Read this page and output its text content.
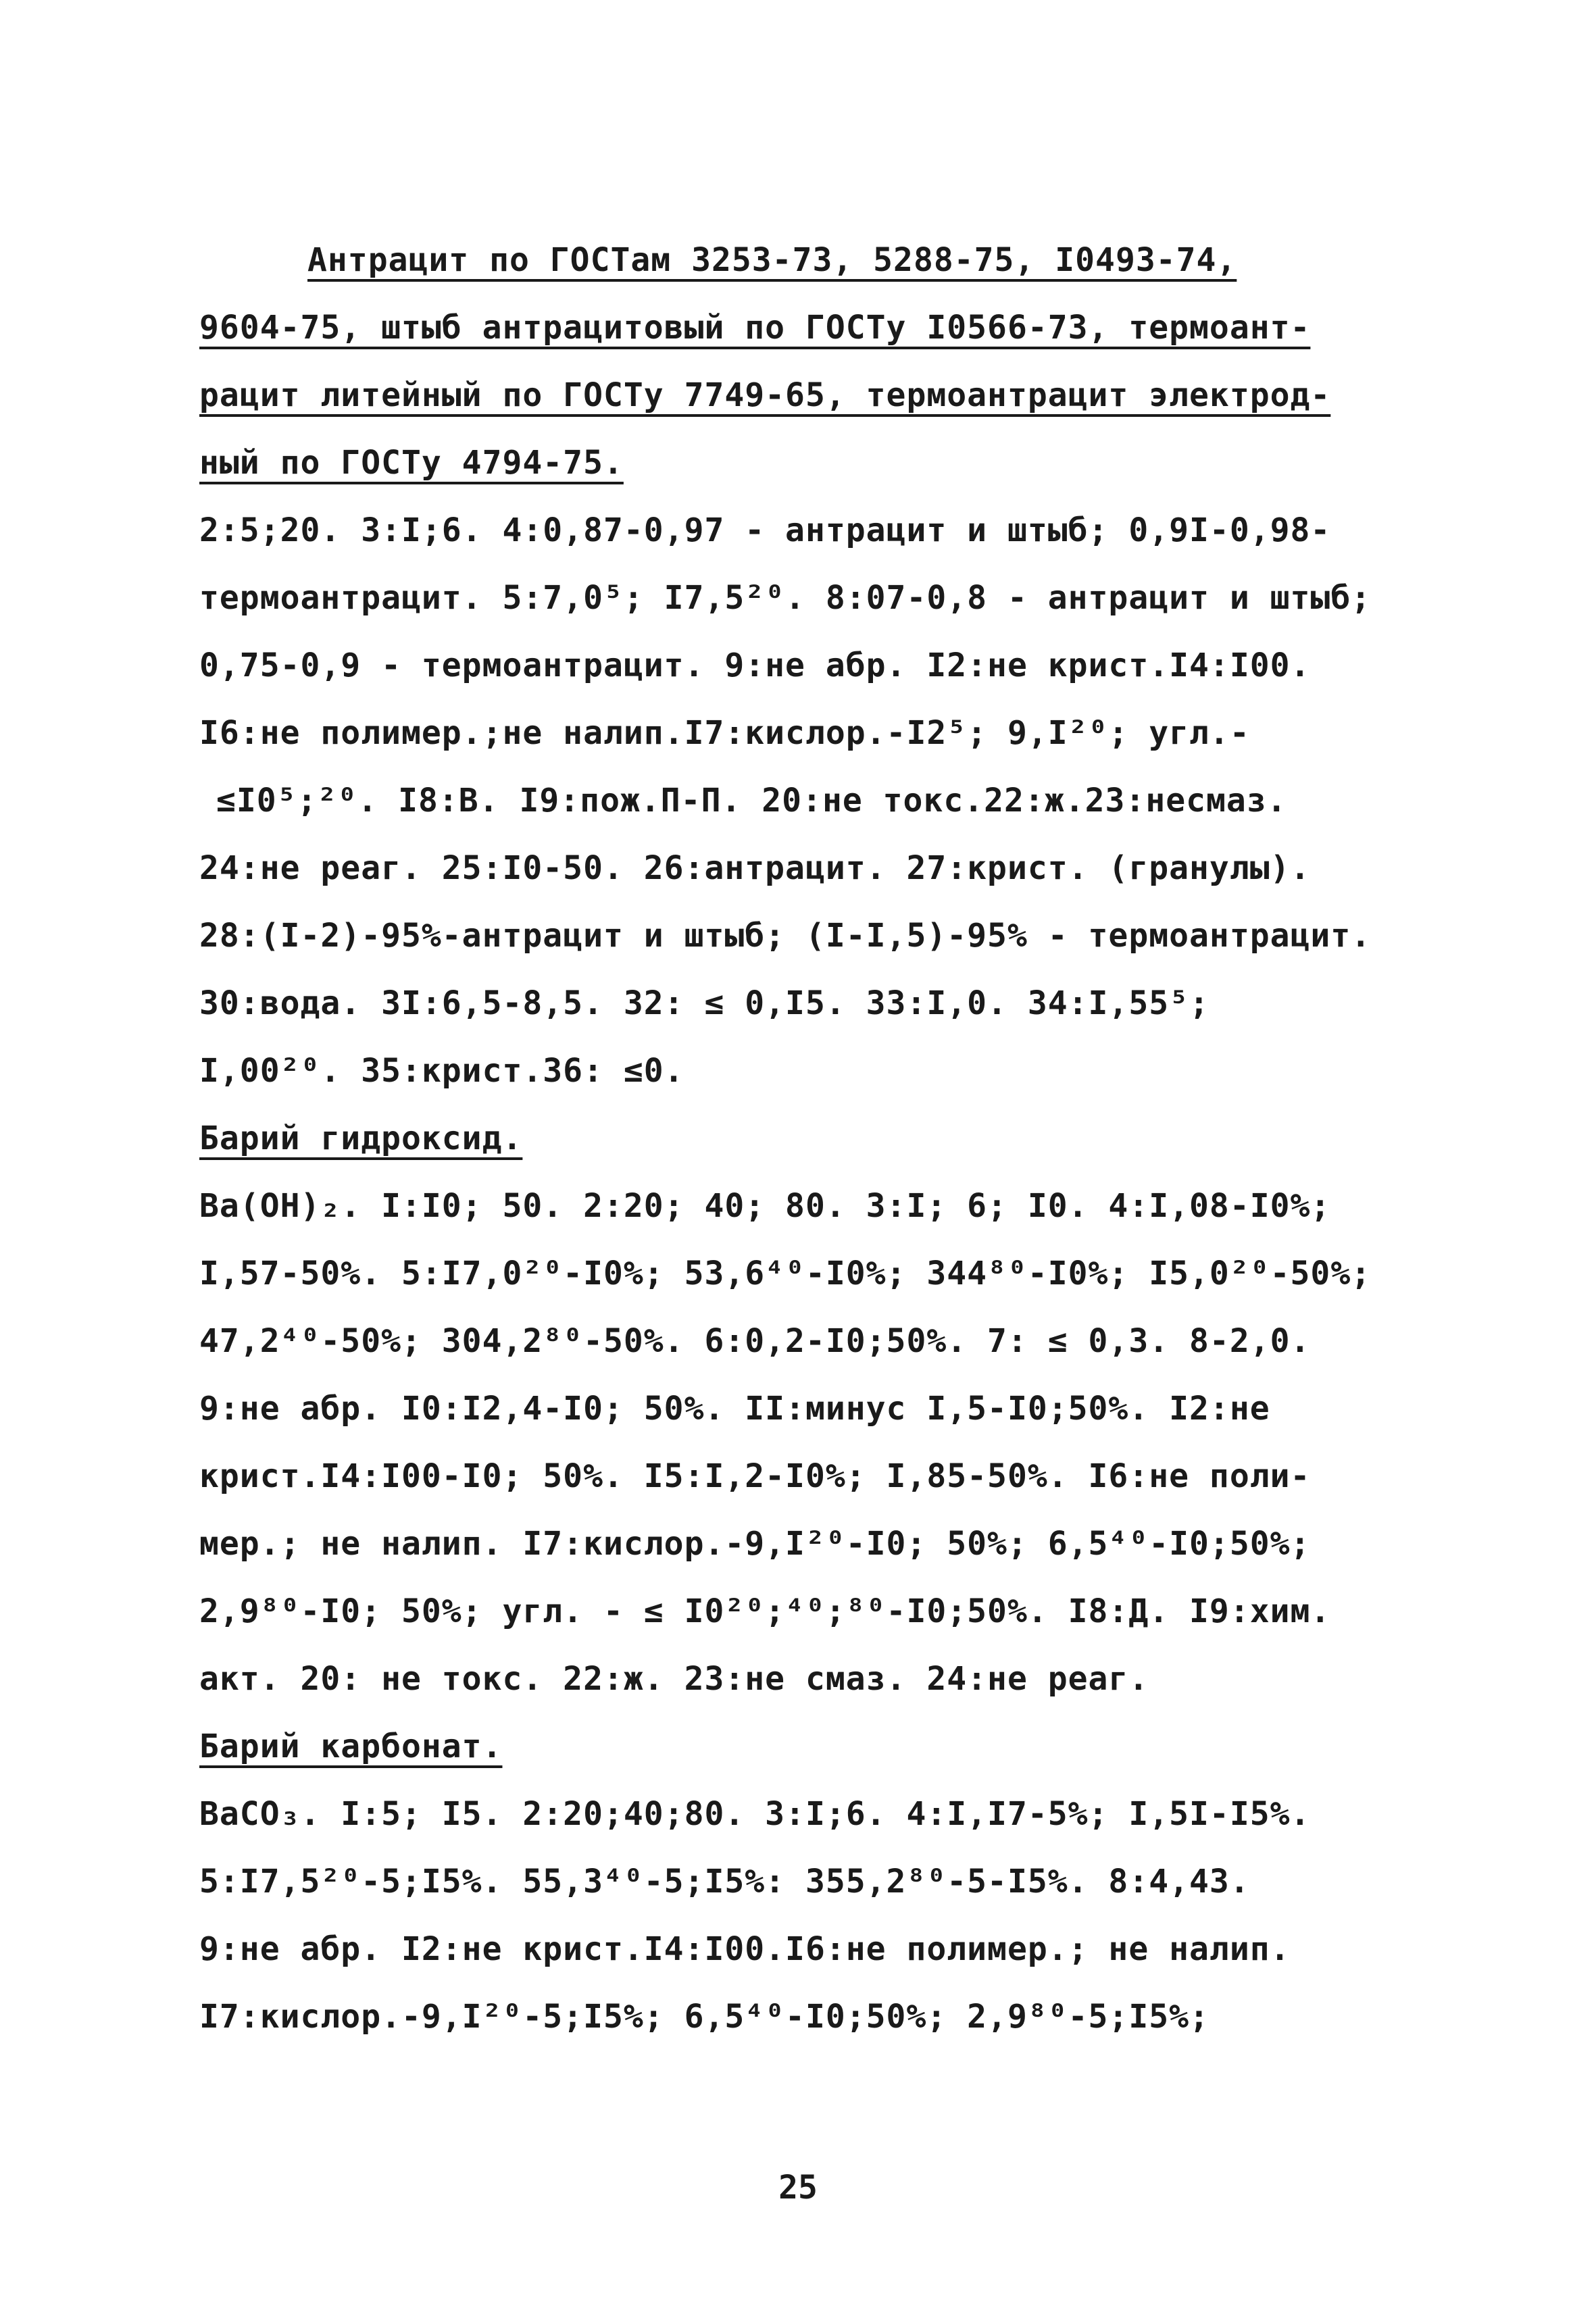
Антрацит по ГОСТам 3253-73, 5288-75, I0493-74,
9604-75, штыб антрацитовый по ГОСТу I0566-73, термоант-
рацит литейный по ГОСТу 7749-65, термоантрацит электрод-
ный по ГОСТу 4794-75.
2:5;20. 3:I;6. 4:0,87-0,97 - антрацит и штыб; 0,9I-0,98-
термоантрацит. 5:7,0⁵; I7,5²⁰. 8:07-0,8 - антрацит и штыб;
0,75-0,9 - термоантрацит. 9:не абр. I2:не крист.I4:I00.
I6:не полимер.;не налип.I7:кислор.-I2⁵; 9,I²⁰; угл.-
≤I0⁵;²⁰. I8:В. I9:пож.П-П. 20:не токс.22:ж.23:несмаз.
24:не реаг. 25:I0-50. 26:антрацит. 27:крист. (гранулы).
28:(I-2)-95%-антрацит и штыб; (I-I,5)-95% - термоантрацит.
30:вода. 3I:6,5-8,5. 32: ≤ 0,I5. 33:I,0. 34:I,55⁵;
I,00²⁰. 35:крист.36: ≤0.
Барий гидроксид.
Ba(OH)₂. I:I0; 50. 2:20; 40; 80. 3:I; 6; I0. 4:I,08-I0%;
I,57-50%. 5:I7,0²⁰-I0%; 53,6⁴⁰-I0%; 344⁸⁰-I0%; I5,0²⁰-50%;
47,2⁴⁰-50%; 304,2⁸⁰-50%. 6:0,2-I0;50%. 7: ≤ 0,3. 8-2,0.
9:не абр. I0:I2,4-I0; 50%. II:минус I,5-I0;50%. I2:не
крист.I4:I00-I0; 50%. I5:I,2-I0%; I,85-50%. I6:не поли-
мер.; не налип. I7:кислор.-9,I²⁰-I0; 50%; 6,5⁴⁰-I0;50%;
2,9⁸⁰-I0; 50%; угл. - ≤ I0²⁰;⁴⁰;⁸⁰-I0;50%. I8:Д. I9:хим.
акт. 20: не токс. 22:ж. 23:не смаз. 24:не реаг.
Барий карбонат.
BaCO₃. I:5; I5. 2:20;40;80. 3:I;6. 4:I,I7-5%; I,5I-I5%.
5:I7,5²⁰-5;I5%. 55,3⁴⁰-5;I5%: 355,2⁸⁰-5-I5%. 8:4,43.
9:не абр. I2:не крист.I4:I00.I6:не полимер.; не налип.
I7:кислор.-9,I²⁰-5;I5%; 6,5⁴⁰-I0;50%; 2,9⁸⁰-5;I5%;
25
